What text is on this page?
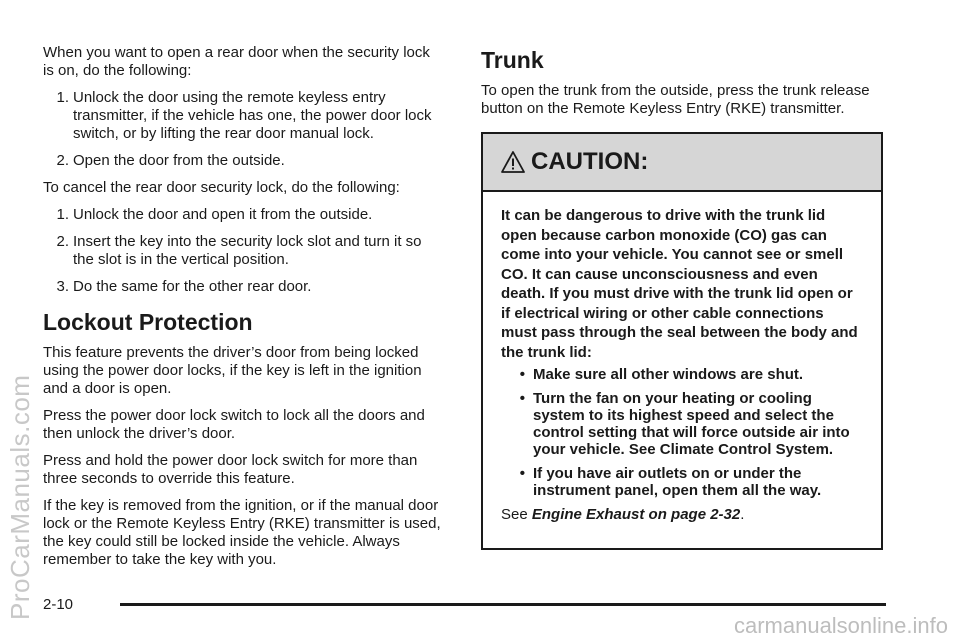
When you want to open a rear door when the security lock is on, do the following:

1. Unlock the door using the remote keyless entry transmitter, if the vehicle has one, the power door lock switch, or by lifting the rear door manual lock.
2. Open the door from the outside.

To cancel the rear door security lock, do the following:

1. Unlock the door and open it from the outside.
2. Insert the key into the security lock slot and turn it so the slot is in the vertical position.
3. Do the same for the other rear door.
Lockout Protection

This feature prevents the driver’s door from being locked using the power door locks, if the key is left in the ignition and a door is open.

Press the power door lock switch to lock all the doors and then unlock the driver’s door.

Press and hold the power door lock switch for more than three seconds to override this feature.

If the key is removed from the ignition, or if the manual door lock or the Remote Keyless Entry (RKE) transmitter is used, the key could still be locked inside the vehicle. Always remember to take the key with you.

Trunk

To open the trunk from the outside, press the trunk release button on the Remote Keyless Entry (RKE) transmitter.

CAUTION:

It can be dangerous to drive with the trunk lid open because carbon monoxide (CO) gas can come into your vehicle. You cannot see or smell CO. It can cause unconsciousness and even death. If you must drive with the trunk lid open or if electrical wiring or other cable connections must pass through the seal between the body and the trunk lid:

• Make sure all other windows are shut.
• Turn the fan on your heating or cooling system to its highest speed and select the control setting that will force outside air into your vehicle. See Climate Control System.
• If you have air outlets on or under the instrument panel, open them all the way.

See Engine Exhaust on page 2-32.

2-10
ProCarManuals.com
carmanualsonline.info
